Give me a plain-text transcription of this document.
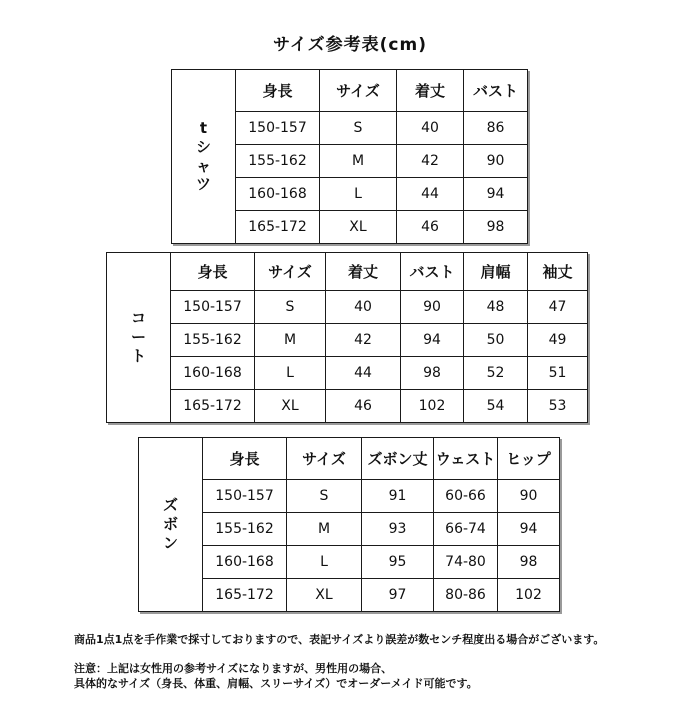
サイズ参考表(cm)
tシャツ	身長	サイズ	着丈	バスト
	150-157	S	40	86
	155-162	M	42	90
	160-168	L	44	94
	165-172	XL	46	98
コート	身長	サイズ	着丈	バスト	肩幅	袖丈
	150-157	S	40	90	48	47
	155-162	M	42	94	50	49
	160-168	L	44	98	52	51
	165-172	XL	46	102	54	53
ズボン	身長	サイズ	ズボン丈	ウェスト	ヒップ
	150-157	S	91	60-66	90
	155-162	M	93	66-74	94
	160-168	L	95	74-80	98
	165-172	XL	97	80-86	102
商品1点1点を手作業で採寸しておりますので、表記サイズより誤差が数センチ程度出る場合がございます。
注意：上記は女性用の参考サイズになりますが、男性用の場合、
具体的なサイズ（身長、体重、肩幅、スリーサイズ）でオーダーメイド可能です。
